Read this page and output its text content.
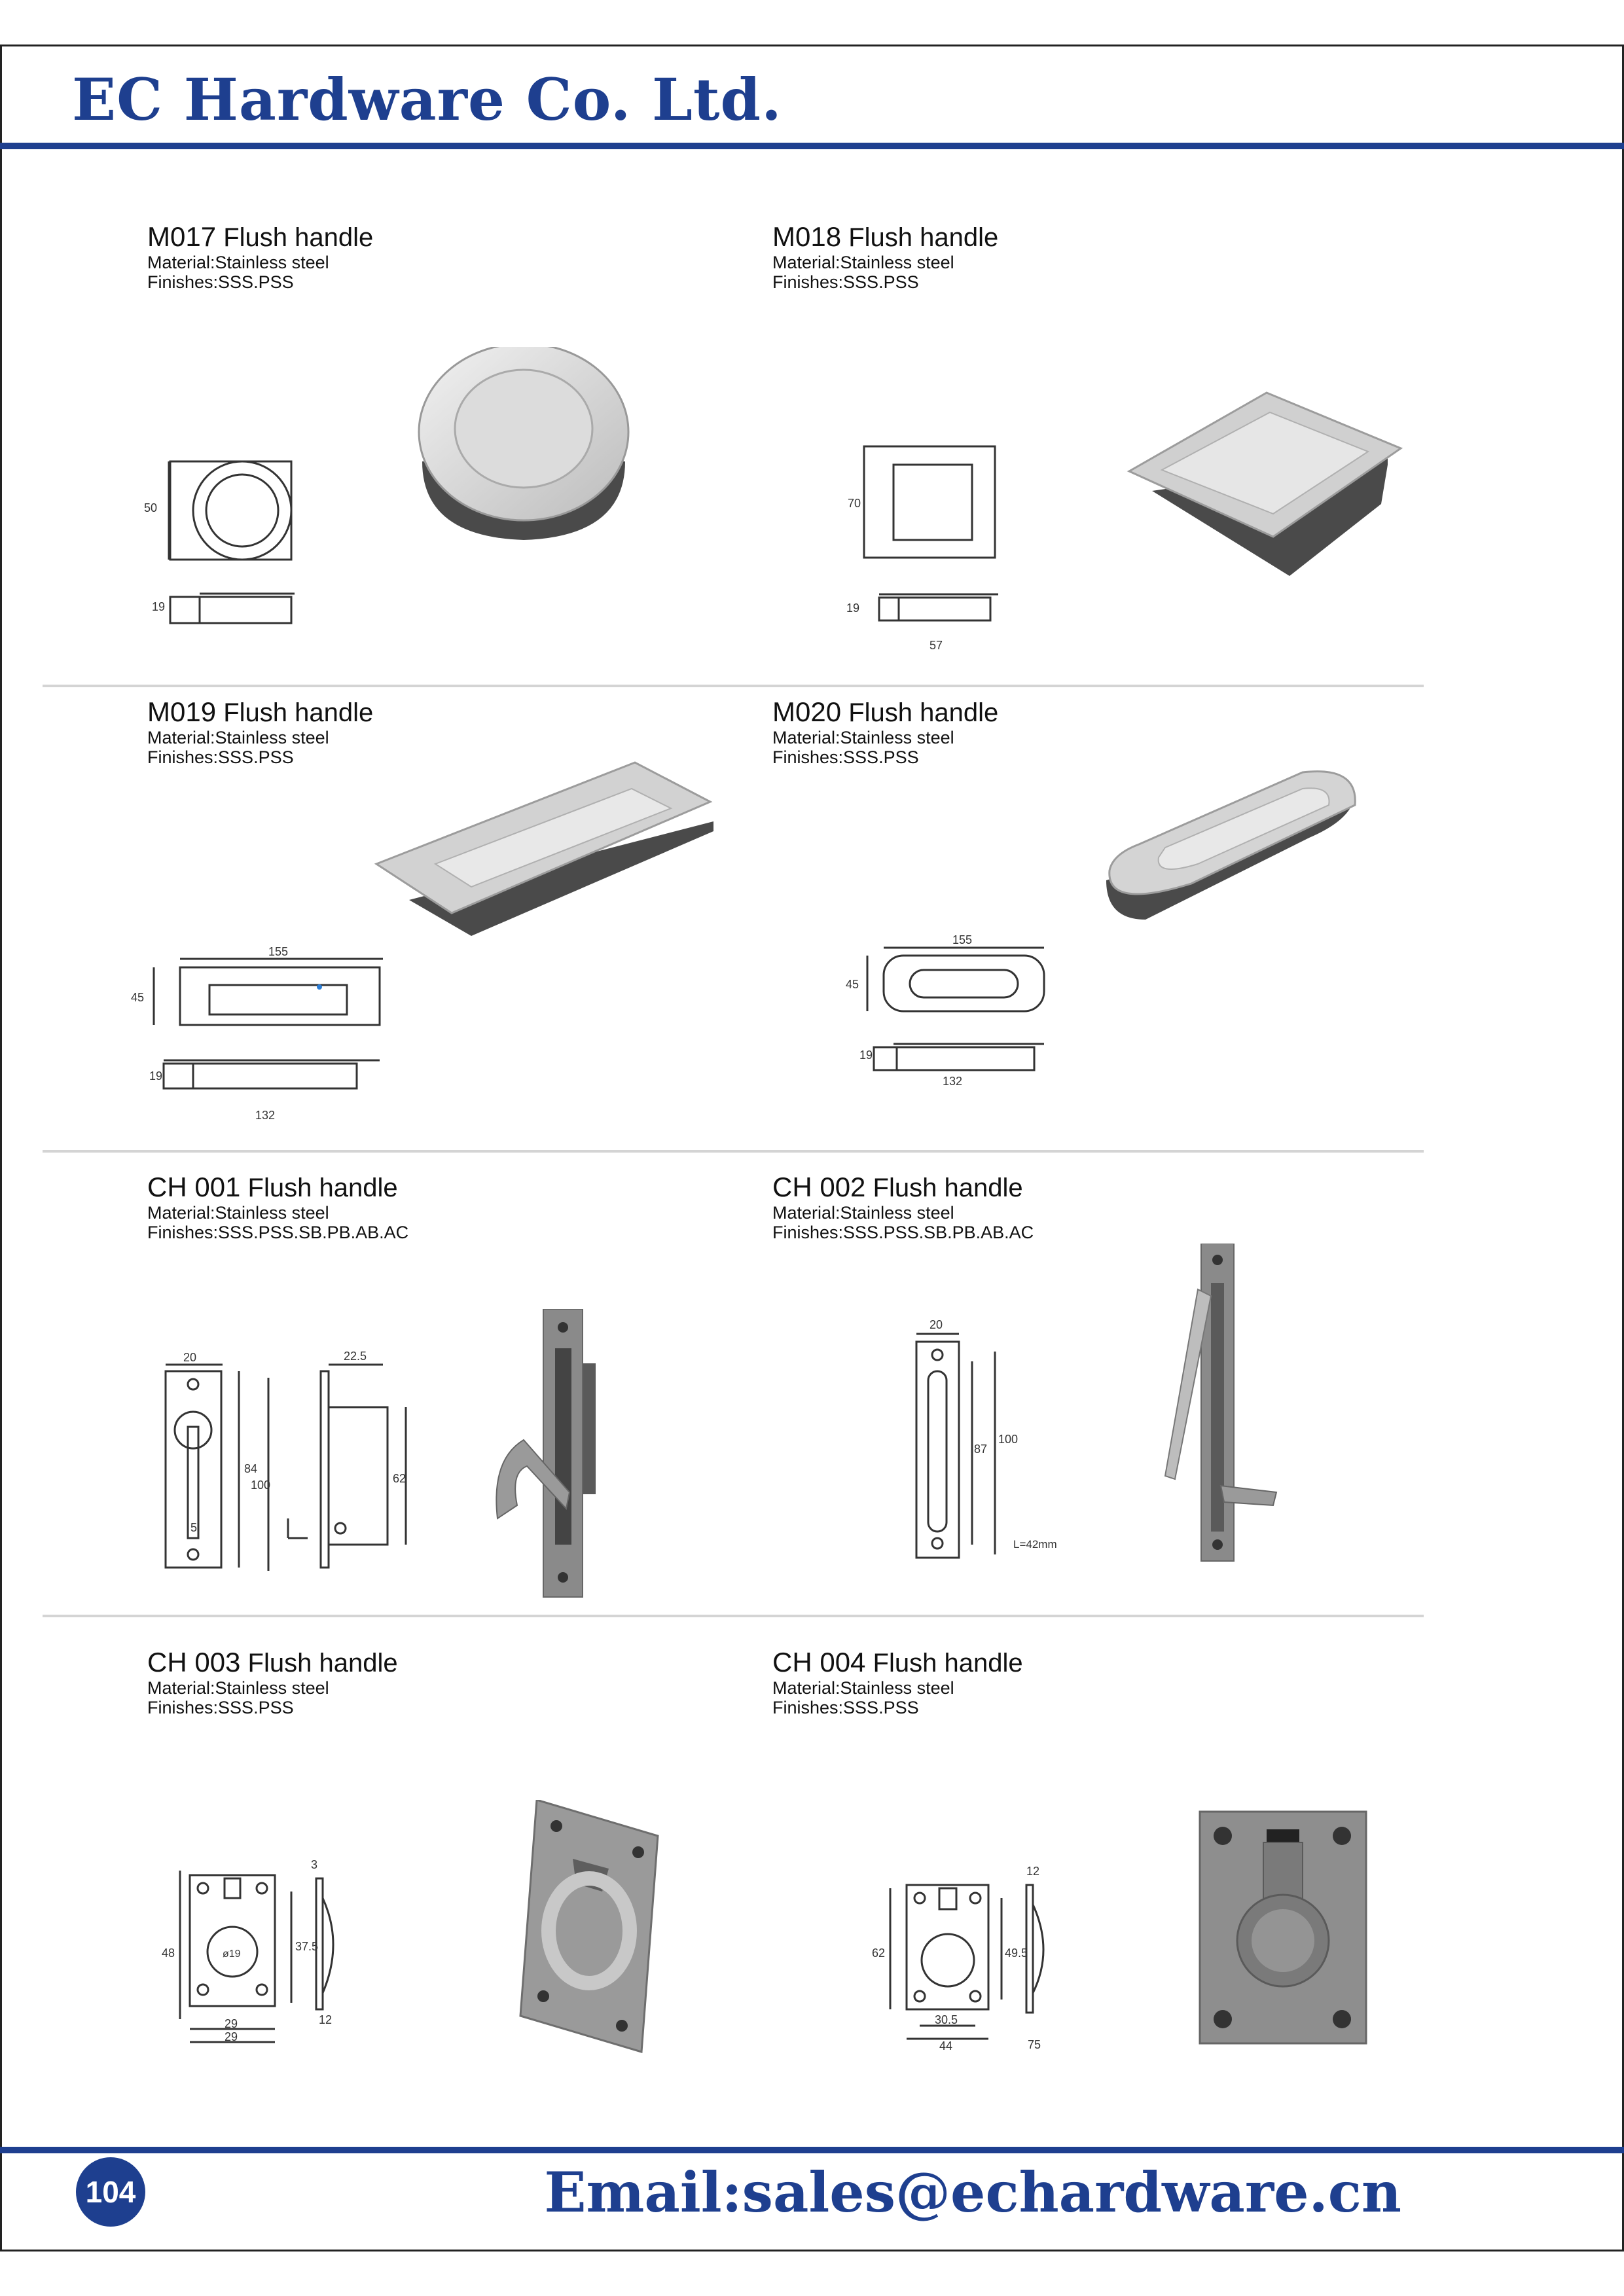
EC Hardware Co. Ltd.
M017 Flush handle
Material:Stainless steel
Finishes:SSS.PSS
M018 Flush handle
Material:Stainless steel
Finishes:SSS.PSS
M019 Flush handle
Material:Stainless steel
Finishes:SSS.PSS
M020 Flush handle
Material:Stainless steel
Finishes:SSS.PSS
CH 001 Flush handle
Material:Stainless steel
Finishes:SSS.PSS.SB.PB.AB.AC
CH 002 Flush handle
Material:Stainless steel
Finishes:SSS.PSS.SB.PB.AB.AC
CH 003 Flush handle
Material:Stainless steel
Finishes:SSS.PSS
CH 004 Flush handle
Material:Stainless steel
Finishes:SSS.PSS
50
19
70
19
57
155
45
19
132
155
45
19
132
20	22.5
84
100	62
5
20
87
100
L=42mm
3
48	37.5
29
29
12
ø19
12
62	49.5
30.5
44	75
104	Email:sales@echardware.cn
